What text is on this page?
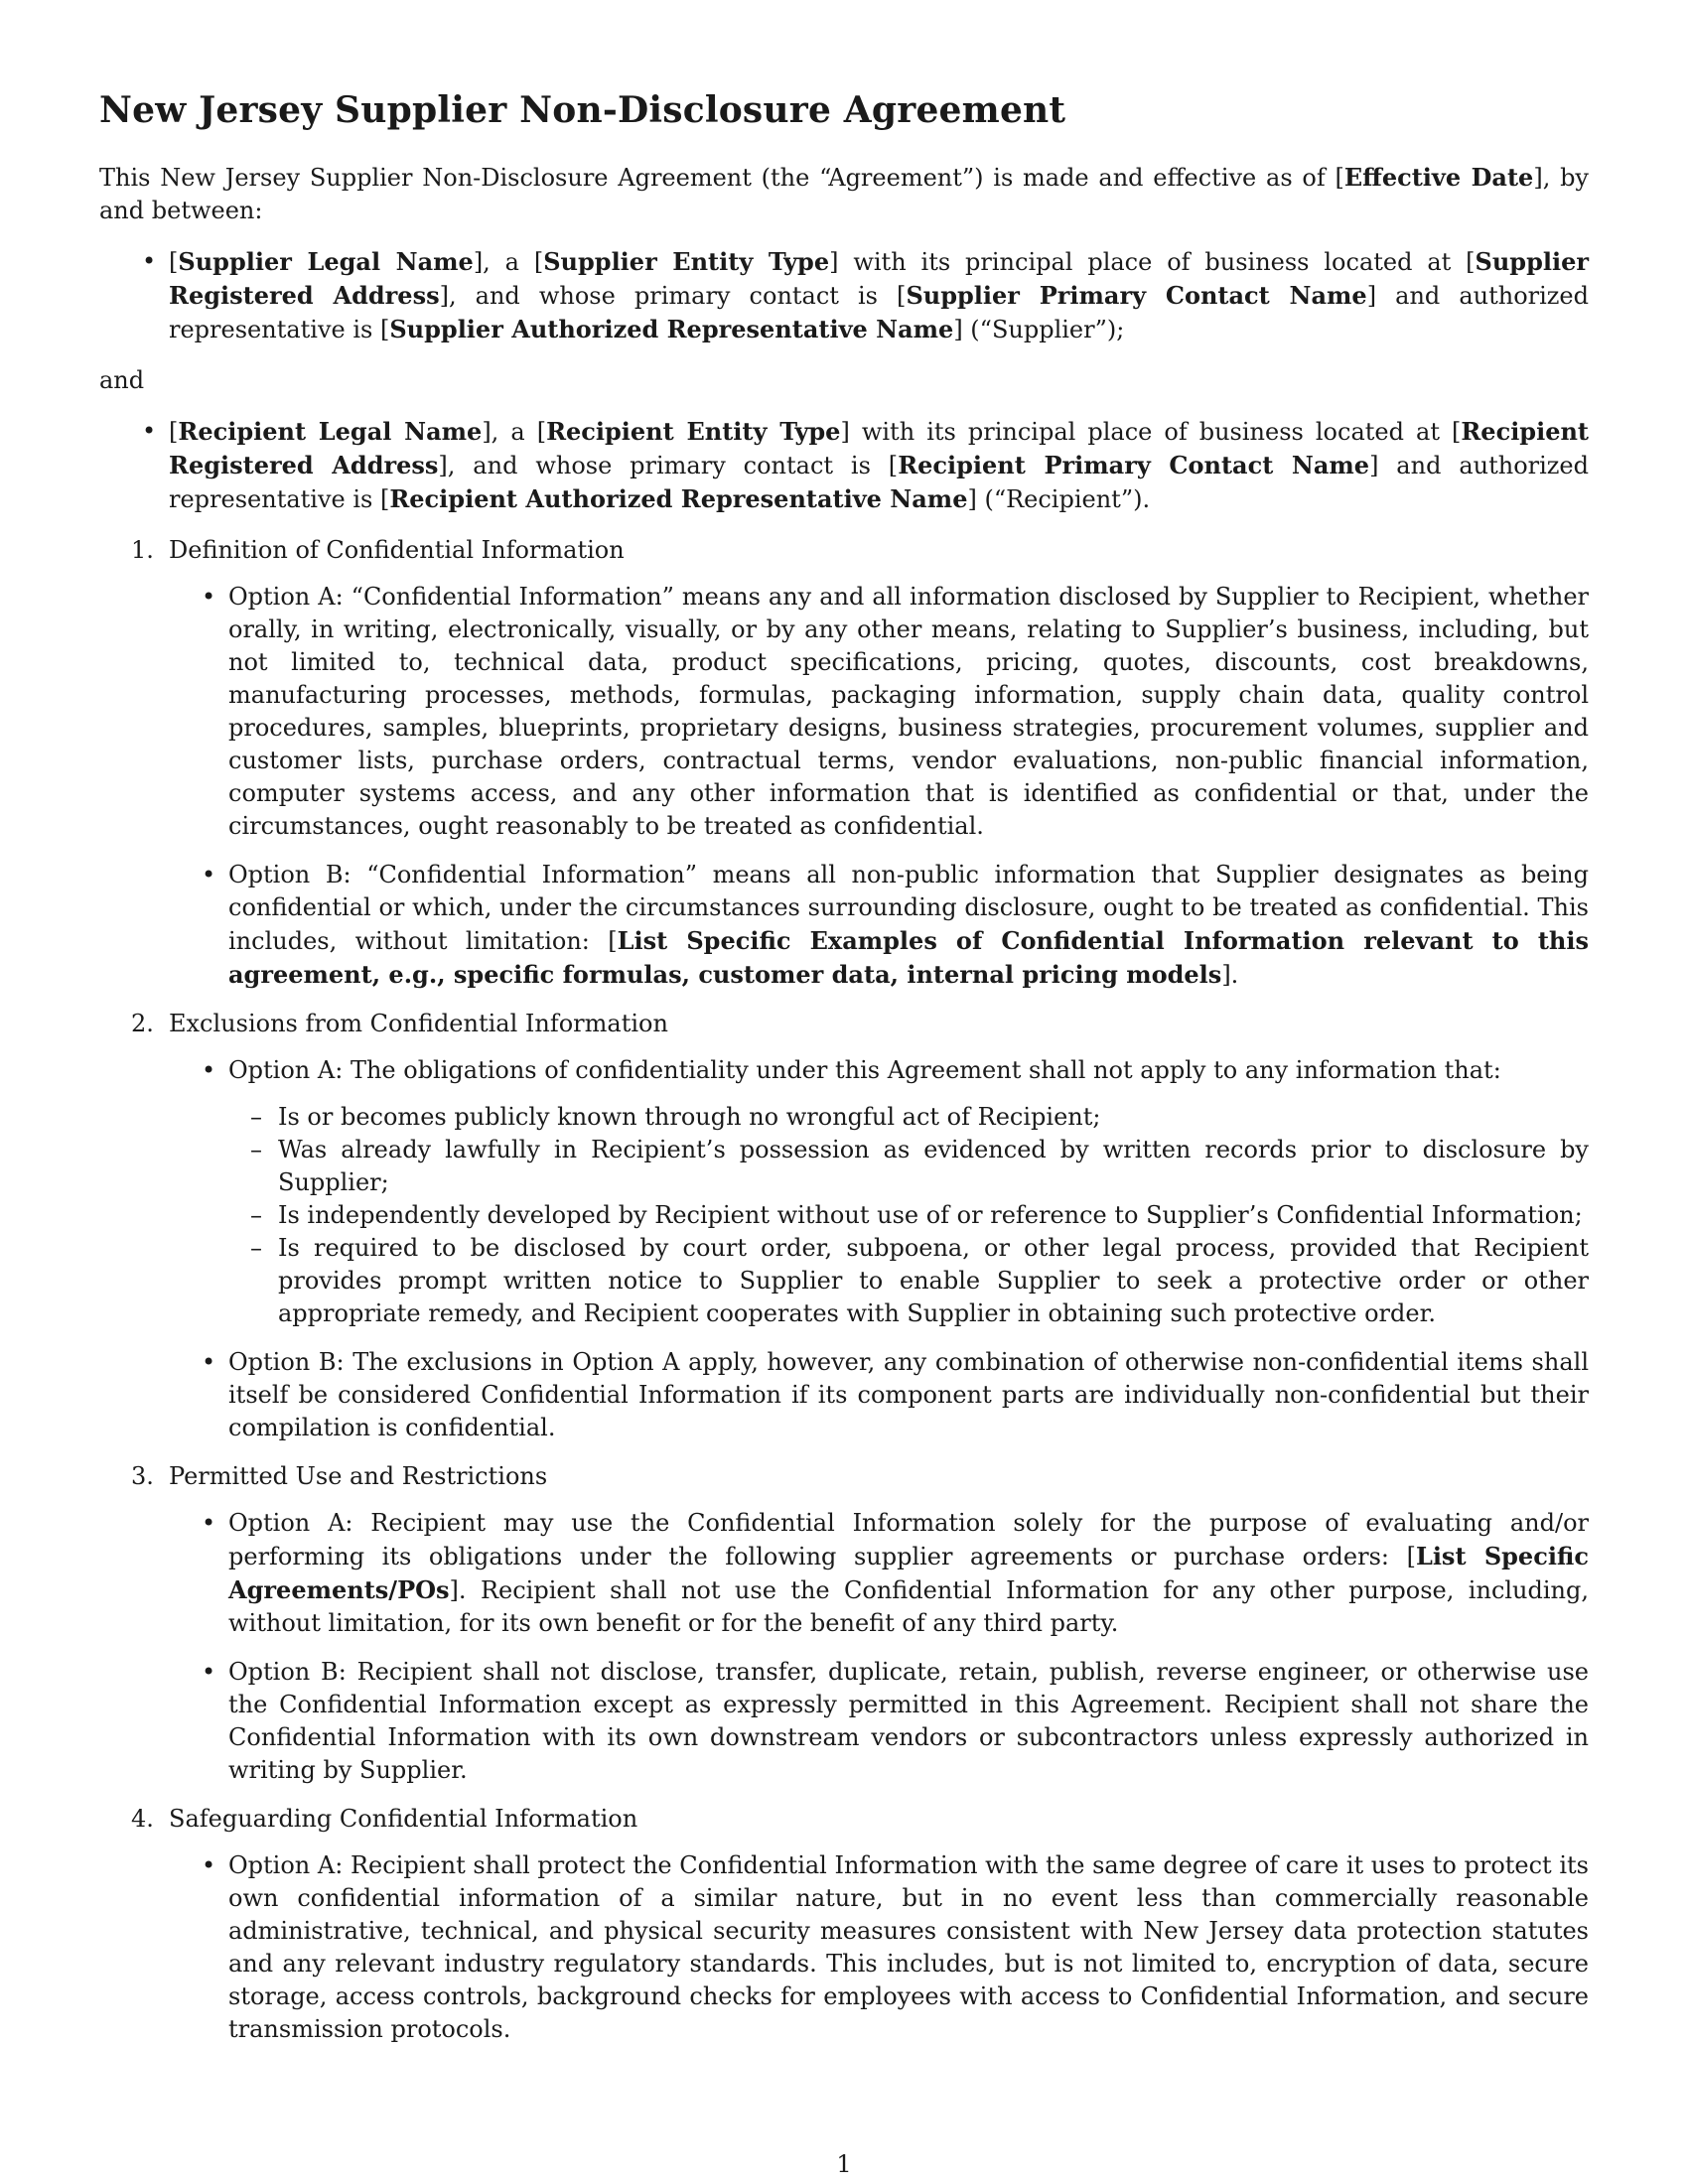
New Jersey Supplier Non-Disclosure Agreement

This New Jersey Supplier Non-Disclosure Agreement (the “Agreement”) is made and effective as of [Effective Date], by and between:

• [Supplier Legal Name], a [Supplier Entity Type] with its principal place of business located at [Supplier Registered Address], and whose primary contact is [Supplier Primary Contact Name] and authorized representative is [Supplier Authorized Representative Name] (“Supplier”);

and

• [Recipient Legal Name], a [Recipient Entity Type] with its principal place of business located at [Recipient Registered Address], and whose primary contact is [Recipient Primary Contact Name] and authorized representative is [Recipient Authorized Representative Name] (“Recipient”).

1. Definition of Confidential Information

• Option A: “Confidential Information” means any and all information disclosed by Supplier to Recipient, whether orally, in writing, electronically, visually, or by any other means, relating to Supplier’s business, including, but not limited to, technical data, product specifications, pricing, quotes, discounts, cost breakdowns, manufacturing processes, methods, formulas, packaging information, supply chain data, quality control procedures, samples, blueprints, proprietary designs, business strategies, procurement volumes, supplier and customer lists, purchase orders, contractual terms, vendor evaluations, non-public financial information, computer systems access, and any other information that is identified as confidential or that, under the circumstances, ought reasonably to be treated as confidential.
• Option B: “Confidential Information” means all non-public information that Supplier designates as being confidential or which, under the circumstances surrounding disclosure, ought to be treated as confidential. This includes, without limitation: [List Specific Examples of Confidential Information relevant to this agreement, e.g., specific formulas, customer data, internal pricing models].

2. Exclusions from Confidential Information

• Option A: The obligations of confidentiality under this Agreement shall not apply to any information that:
– Is or becomes publicly known through no wrongful act of Recipient;
– Was already lawfully in Recipient’s possession as evidenced by written records prior to disclosure by Supplier;
– Is independently developed by Recipient without use of or reference to Supplier’s Confidential Information;
– Is required to be disclosed by court order, subpoena, or other legal process, provided that Recipient provides prompt written notice to Supplier to enable Supplier to seek a protective order or other appropriate remedy, and Recipient cooperates with Supplier in obtaining such protective order.
• Option B: The exclusions in Option A apply, however, any combination of otherwise non-confidential items shall itself be considered Confidential Information if its component parts are individually non-confidential but their compilation is confidential.

3. Permitted Use and Restrictions

• Option A: Recipient may use the Confidential Information solely for the purpose of evaluating and/or performing its obligations under the following supplier agreements or purchase orders: [List Specific Agreements/POs]. Recipient shall not use the Confidential Information for any other purpose, including, without limitation, for its own benefit or for the benefit of any third party.
• Option B: Recipient shall not disclose, transfer, duplicate, retain, publish, reverse engineer, or otherwise use the Confidential Information except as expressly permitted in this Agreement. Recipient shall not share the Confidential Information with its own downstream vendors or subcontractors unless expressly authorized in writing by Supplier.

4. Safeguarding Confidential Information

• Option A: Recipient shall protect the Confidential Information with the same degree of care it uses to protect its own confidential information of a similar nature, but in no event less than commercially reasonable administrative, technical, and physical security measures consistent with New Jersey data protection statutes and any relevant industry regulatory standards. This includes, but is not limited to, encryption of data, secure storage, access controls, background checks for employees with access to Confidential Information, and secure transmission protocols.
1
